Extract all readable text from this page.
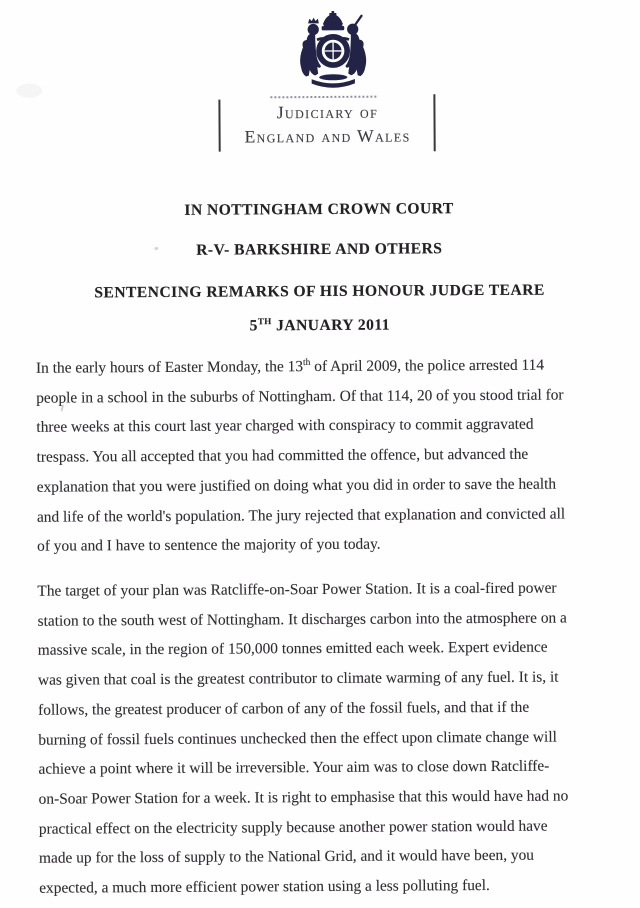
Judiciary of
England and Wales
IN NOTTINGHAM CROWN COURT
R-V- BARKSHIRE AND OTHERS
SENTENCING REMARKS OF HIS HONOUR JUDGE TEARE
5TH JANUARY 2011
In the early hours of Easter Monday, the 13th of April 2009, the police arrested 114
people in a school in the suburbs of Nottingham. Of that 114, 20 of you stood trial for
three weeks at this court last year charged with conspiracy to commit aggravated
trespass. You all accepted that you had committed the offence, but advanced the
explanation that you were justified on doing what you did in order to save the health
and life of the world's population. The jury rejected that explanation and convicted all
of you and I have to sentence the majority of you today.
The target of your plan was Ratcliffe-on-Soar Power Station. It is a coal-fired power
station to the south west of Nottingham. It discharges carbon into the atmosphere on a
massive scale, in the region of 150,000 tonnes emitted each week. Expert evidence
was given that coal is the greatest contributor to climate warming of any fuel. It is, it
follows, the greatest producer of carbon of any of the fossil fuels, and that if the
burning of fossil fuels continues unchecked then the effect upon climate change will
achieve a point where it will be irreversible. Your aim was to close down Ratcliffe-
on-Soar Power Station for a week. It is right to emphasise that this would have had no
practical effect on the electricity supply because another power station would have
made up for the loss of supply to the National Grid, and it would have been, you
expected, a much more efficient power station using a less polluting fuel.
